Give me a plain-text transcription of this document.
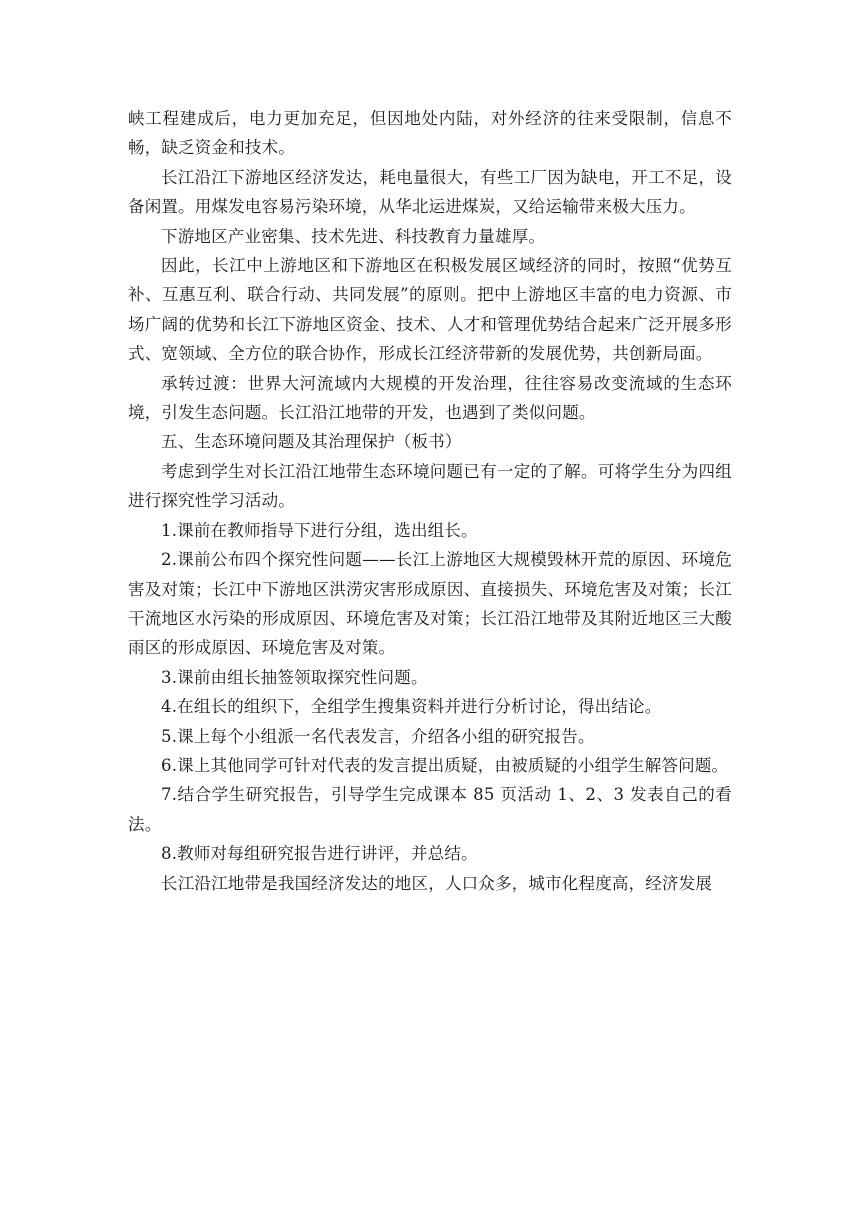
峡工程建成后，电力更加充足，但因地处内陆，对外经济的往来受限制，信息不畅，缺乏资金和技术。

长江沿江下游地区经济发达，耗电量很大，有些工厂因为缺电，开工不足，设备闲置。用煤发电容易污染环境，从华北运进煤炭，又给运输带来极大压力。

下游地区产业密集、技术先进、科技教育力量雄厚。

因此，长江中上游地区和下游地区在积极发展区域经济的同时，按照“优势互补、互惠互利、联合行动、共同发展”的原则。把中上游地区丰富的电力资源、市场广阔的优势和长江下游地区资金、技术、人才和管理优势结合起来广泛开展多形式、宽领域、全方位的联合协作，形成长江经济带新的发展优势，共创新局面。

承转过渡：世界大河流域内大规模的开发治理，往往容易改变流域的生态环境，引发生态问题。长江沿江地带的开发，也遇到了类似问题。

五、生态环境问题及其治理保护（板书）

考虑到学生对长江沿江地带生态环境问题已有一定的了解。可将学生分为四组进行探究性学习活动。

1.课前在教师指导下进行分组，选出组长。

2.课前公布四个探究性问题——长江上游地区大规模毁林开荒的原因、环境危害及对策；长江中下游地区洪涝灾害形成原因、直接损失、环境危害及对策；长江干流地区水污染的形成原因、环境危害及对策；长江沿江地带及其附近地区三大酸雨区的形成原因、环境危害及对策。

3.课前由组长抽签领取探究性问题。

4.在组长的组织下，全组学生搜集资料并进行分析讨论，得出结论。

5.课上每个小组派一名代表发言，介绍各小组的研究报告。

6.课上其他同学可针对代表的发言提出质疑，由被质疑的小组学生解答问题。

7.结合学生研究报告，引导学生完成课本 85 页活动 1、2、3 发表自己的看法。

8.教师对每组研究报告进行讲评，并总结。

长江沿江地带是我国经济发达的地区，人口众多，城市化程度高，经济发展
